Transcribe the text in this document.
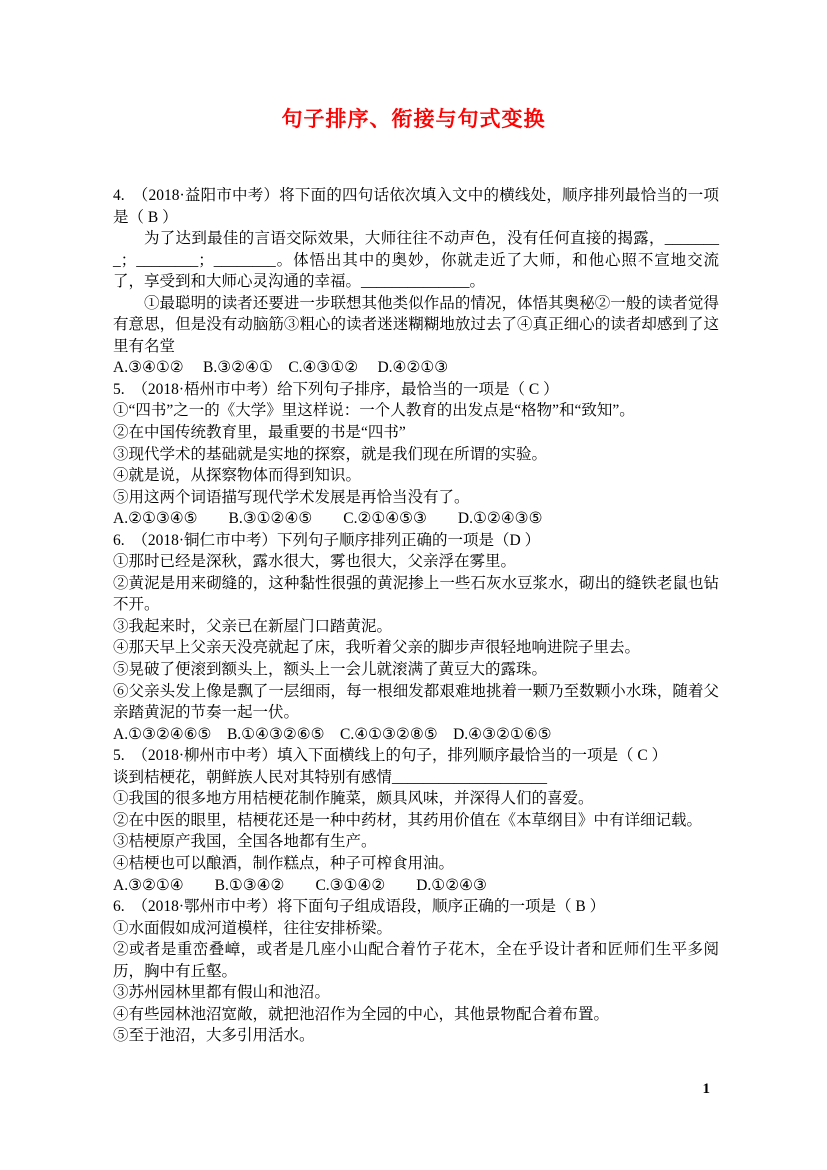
句子排序、衔接与句式变换
4.　（2018·益阳市中考）将下面的四句话依次填入文中的横线处，顺序排列最恰当的一项是（ B ）
为了达到最佳的言语交际效果，大师往往不动声色，没有任何直接的揭露，________；________；________。体悟出其中的奥妙，你就走近了大师，和他心照不宣地交流了，享受到和大师心灵沟通的幸福。______________。
①最聪明的读者还要进一步联想其他类似作品的情况，体悟其奥秘②一般的读者觉得有意思，但是没有动脑筋③粗心的读者迷迷糊糊地放过去了④真正细心的读者却感到了这里有名堂
A.③④①②　 B.③②④①　C.④③①②　 D.④②①③
5.　（2018·梧州市中考）给下列句子排序，最恰当的一项是（ C ）
①“四书”之一的《大学》里这样说：一个人教育的出发点是“格物”和“致知”。
②在中国传统教育里，最重要的书是“四书”
③现代学术的基础就是实地的探察，就是我们现在所谓的实验。
④就是说，从探察物体而得到知识。
⑤用这两个词语描写现代学术发展是再恰当没有了。
A.②①③④⑤　　B.③①②④⑤　　C.②①④⑤③　　D.①②④③⑤
6.　（2018·铜仁市中考）下列句子顺序排列正确的一项是（D ）
①那时已经是深秋，露水很大，雾也很大，父亲浮在雾里。
②黄泥是用来砌缝的，这种黏性很强的黄泥掺上一些石灰水豆浆水，砌出的缝铁老鼠也钻不开。
③我起来时，父亲已在新屋门口踏黄泥。
④那天早上父亲天没亮就起了床，我听着父亲的脚步声很轻地响进院子里去。
⑤晃破了便滚到额头上，额头上一会儿就滚满了黄豆大的露珠。
⑥父亲头发上像是飘了一层细雨，每一根细发都艰难地挑着一颗乃至数颗小水珠，随着父亲踏黄泥的节奏一起一伏。
A.①③②④⑥⑤　B.①④③②⑥⑤　C.④①③②⑧⑤　D.④③②①⑥⑤
5.　（2018·柳州市中考）填入下面横线上的句子，排列顺序最恰当的一项是（ C ）
谈到桔梗花，朝鲜族人民对其特别有感情____________________
①我国的很多地方用桔梗花制作腌菜，颇具风味，并深得人们的喜爱。
②在中医的眼里，桔梗花还是一种中药材，其药用价值在《本草纲目》中有详细记载。
③桔梗原产我国，全国各地都有生产。
④桔梗也可以酿酒，制作糕点，种子可榨食用油。
A.③②①④　　B.①③④②　　C.③①④②　　D.①②④③
6.　（2018·鄂州市中考）将下面句子组成语段，顺序正确的一项是（ B ）
①水面假如成河道模样，往往安排桥梁。
②或者是重峦叠嶂，或者是几座小山配合着竹子花木，全在乎设计者和匠师们生平多阅历，胸中有丘壑。
③苏州园林里都有假山和池沼。
④有些园林池沼宽敞，就把池沼作为全园的中心，其他景物配合着布置。
⑤至于池沼，大多引用活水。
1
